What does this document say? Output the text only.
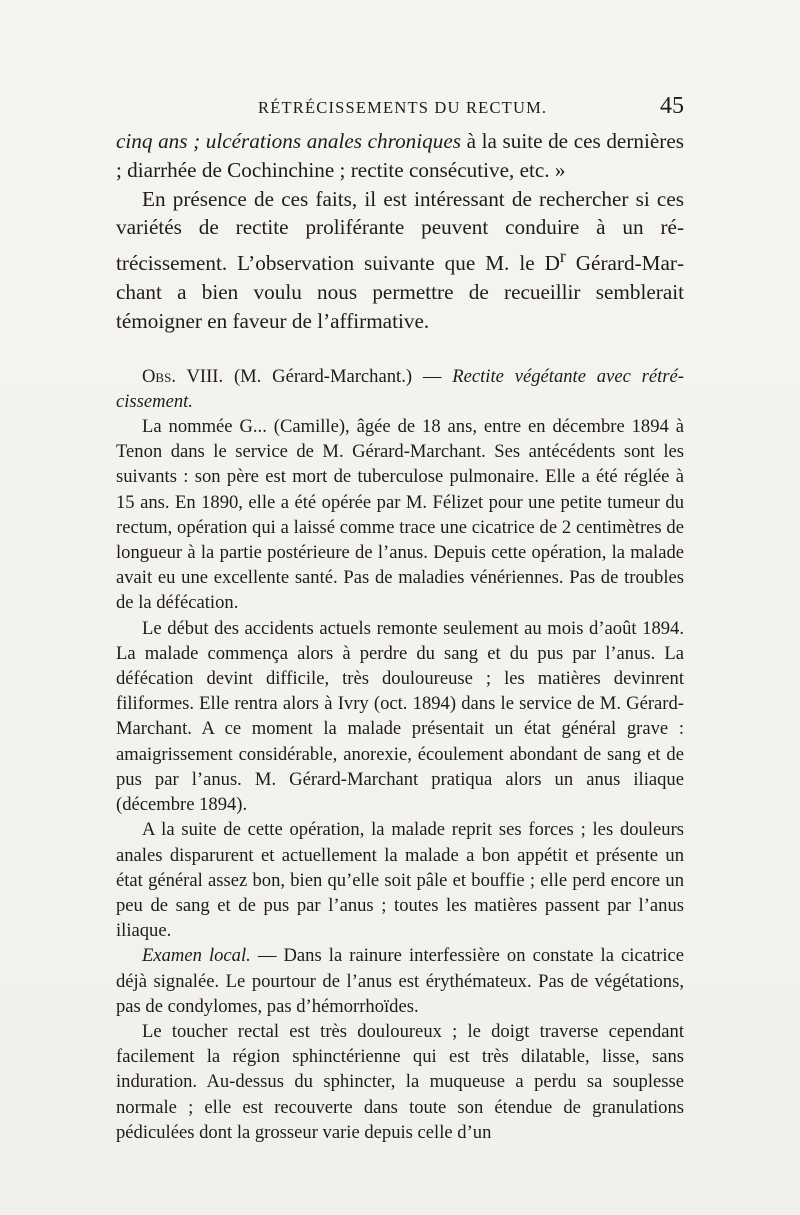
RÉTRÉCISSEMENTS DU RECTUM.	45

cinq ans ; ulcérations anales chroniques à la suite de ces dernières ; diarrhée de Cochinchine ; rectite consécutive, etc. »

En présence de ces faits, il est intéressant de rechercher si ces variétés de rectite proliférante peuvent conduire à un rétrécissement. L’observation suivante que M. le $D^r$ Gérard-Marchant a bien voulu nous permettre de recueillir semblerait témoigner en faveur de l’affirmative.

Obs. VIII. (M. Gérard-Marchant.) — Rectite végétante avec rétrécissement.

La nommée G... (Camille), âgée de 18 ans, entre en décembre 1894 à Tenon dans le service de M. Gérard-Marchant. Ses antécédents sont les suivants : son père est mort de tuberculose pulmonaire. Elle a été réglée à 15 ans. En 1890, elle a été opérée par M. Félizet pour une petite tumeur du rectum, opération qui a laissé comme trace une cicatrice de 2 centimètres de longueur à la partie postérieure de l’anus. Depuis cette opération, la malade avait eu une excellente santé. Pas de maladies vénériennes. Pas de troubles de la défécation.

Le début des accidents actuels remonte seulement au mois d’août 1894. La malade commença alors à perdre du sang et du pus par l’anus. La défécation devint difficile, très douloureuse ; les matières devinrent filiformes. Elle rentra alors à Ivry (oct. 1894) dans le service de M. Gérard-Marchant. A ce moment la malade présentait un état général grave : amaigrissement considérable, anorexie, écoulement abondant de sang et de pus par l’anus. M. Gérard-Marchant pratiqua alors un anus iliaque (décembre 1894).

A la suite de cette opération, la malade reprit ses forces ; les douleurs anales disparurent et actuellement la malade a bon appétit et présente un état général assez bon, bien qu’elle soit pâle et bouffie ; elle perd encore un peu de sang et de pus par l’anus ; toutes les matières passent par l’anus iliaque.

Examen local. — Dans la rainure interfessière on constate la cicatrice déjà signalée. Le pourtour de l’anus est érythémateux. Pas de végétations, pas de condylomes, pas d’hémorrhoïdes.

Le toucher rectal est très douloureux ; le doigt traverse cependant facilement la région sphinctérienne qui est très dilatable, lisse, sans induration. Au-dessus du sphincter, la muqueuse a perdu sa souplesse normale ; elle est recouverte dans toute son étendue de granulations pédiculées dont la grosseur varie depuis celle d’un
